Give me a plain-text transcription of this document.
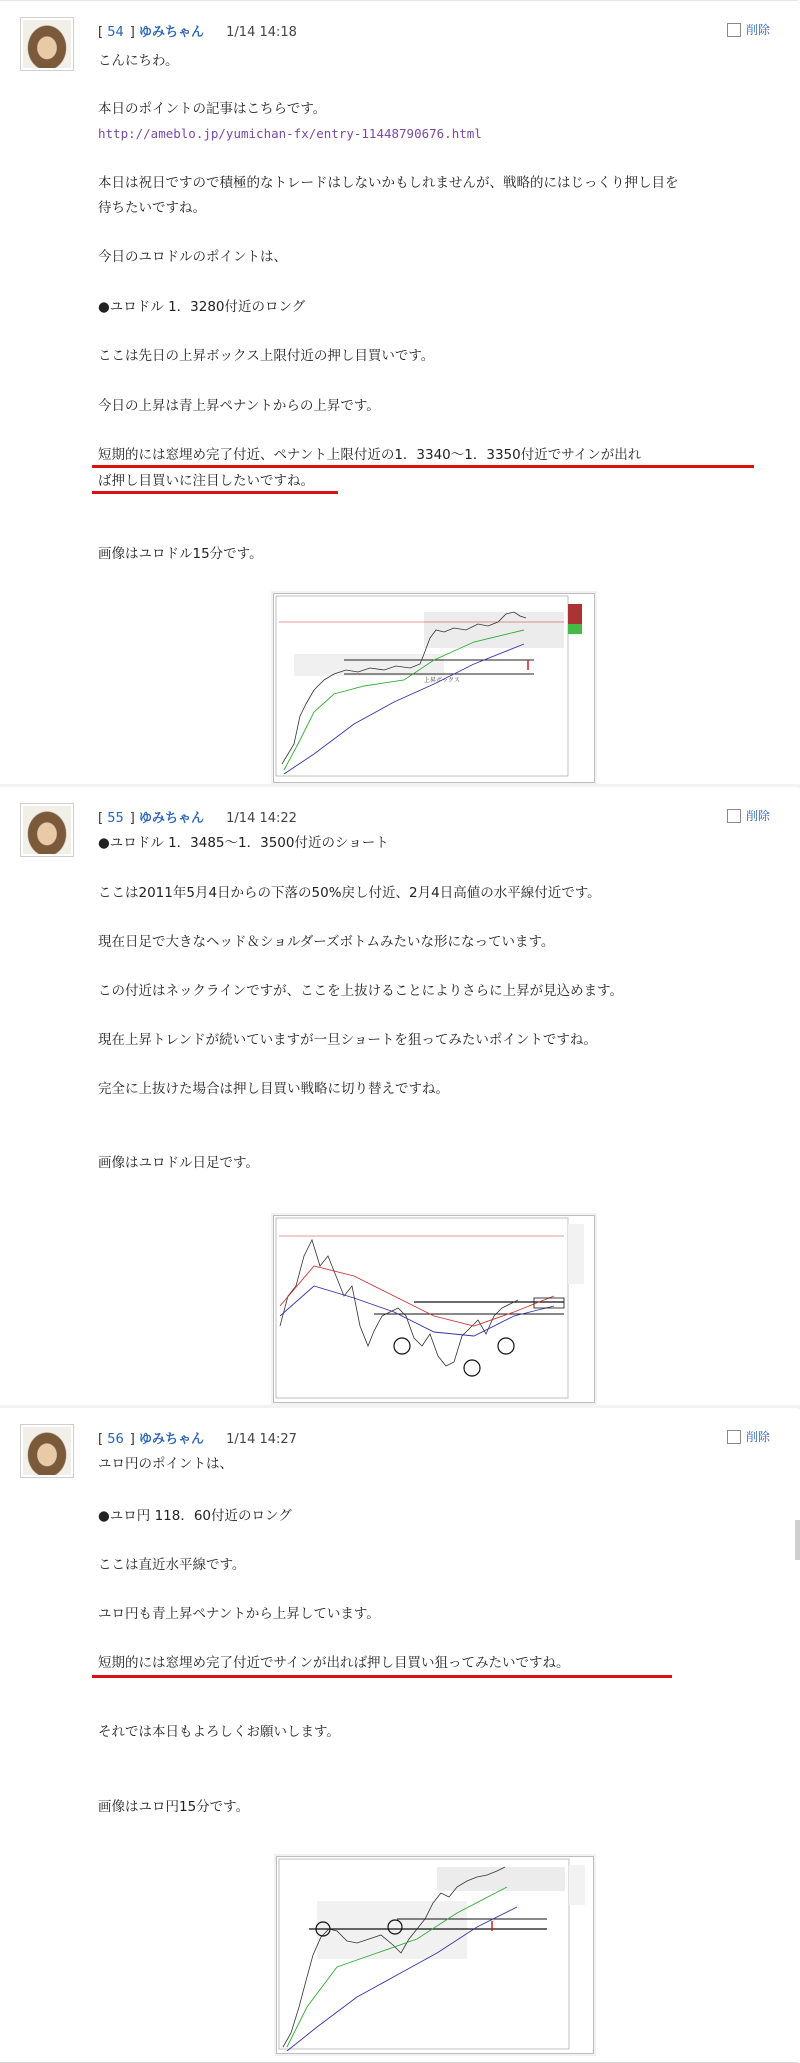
[ 54 ] ゆみちゃん 1/14 14:18	削除
こんにちわ。
本日のポイントの記事はこちらです。
http://ameblo.jp/yumichan-fx/entry-11448790676.html
本日は祝日ですので積極的なトレードはしないかもしれませんが、戦略的にはじっくり押し目を
待ちたいですね。
今日のユロドルのポイントは、
●ユロドル 1．3280付近のロング
ここは先日の上昇ボックス上限付近の押し目買いです。
今日の上昇は青上昇ペナントからの上昇です。
短期的には窓埋め完了付近、ペナント上限付近の1．3340～1．3350付近でサインが出れ
ば押し目買いに注目したいですね。
画像はユロドル15分です。
上昇ボックス
[ 55 ] ゆみちゃん 1/14 14:22	削除
●ユロドル 1．3485～1．3500付近のショート
ここは2011年5月4日からの下落の50%戻し付近、2月4日高値の水平線付近です。
現在日足で大きなヘッド＆ショルダーズボトムみたいな形になっています。
この付近はネックラインですが、ここを上抜けることによりさらに上昇が見込めます。
現在上昇トレンドが続いていますが一旦ショートを狙ってみたいポイントですね。
完全に上抜けた場合は押し目買い戦略に切り替えですね。
画像はユロドル日足です。
[ 56 ] ゆみちゃん 1/14 14:27	削除
ユロ円のポイントは、
●ユロ円 118．60付近のロング
ここは直近水平線です。
ユロ円も青上昇ペナントから上昇しています。
短期的には窓埋め完了付近でサインが出れば押し目買い狙ってみたいですね。
それでは本日もよろしくお願いします。
画像はユロ円15分です。
